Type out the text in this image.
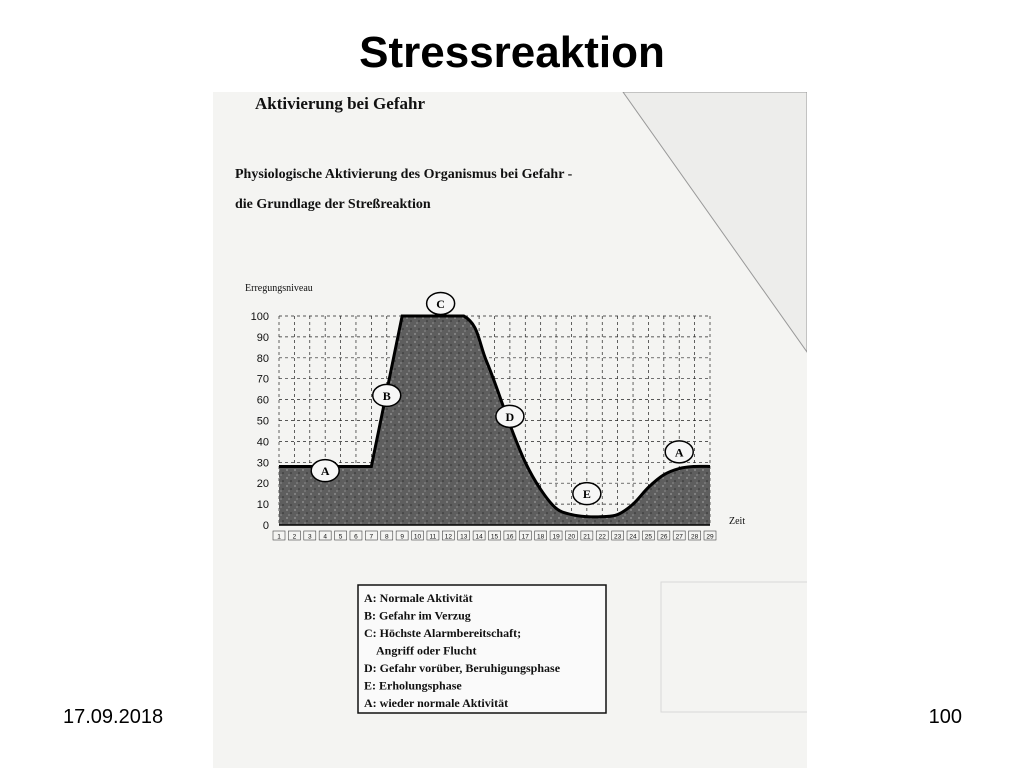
Stressreaktion
Aktivierung bei Gefahr
Physiologische Aktivierung des Organismus bei Gefahr -
die Grundlage der Streßreaktion
0
10
20
30
40
50
60
70
80
90
100
1 2 3 4 5 6 7 8 9 10 11 12 13 14 15 16 17 18 19 20 21 22 23 24 25 26 27 28 29
A
B
C
D
E
A
Erregungsniveau
Zeit
A: Normale Aktivität
B: Gefahr im Verzug
C: Höchste Alarmbereitschaft;
Angriff oder Flucht
D: Gefahr vorüber, Beruhigungsphase
E: Erholungsphase
A: wieder normale Aktivität
17.09.2018	100
